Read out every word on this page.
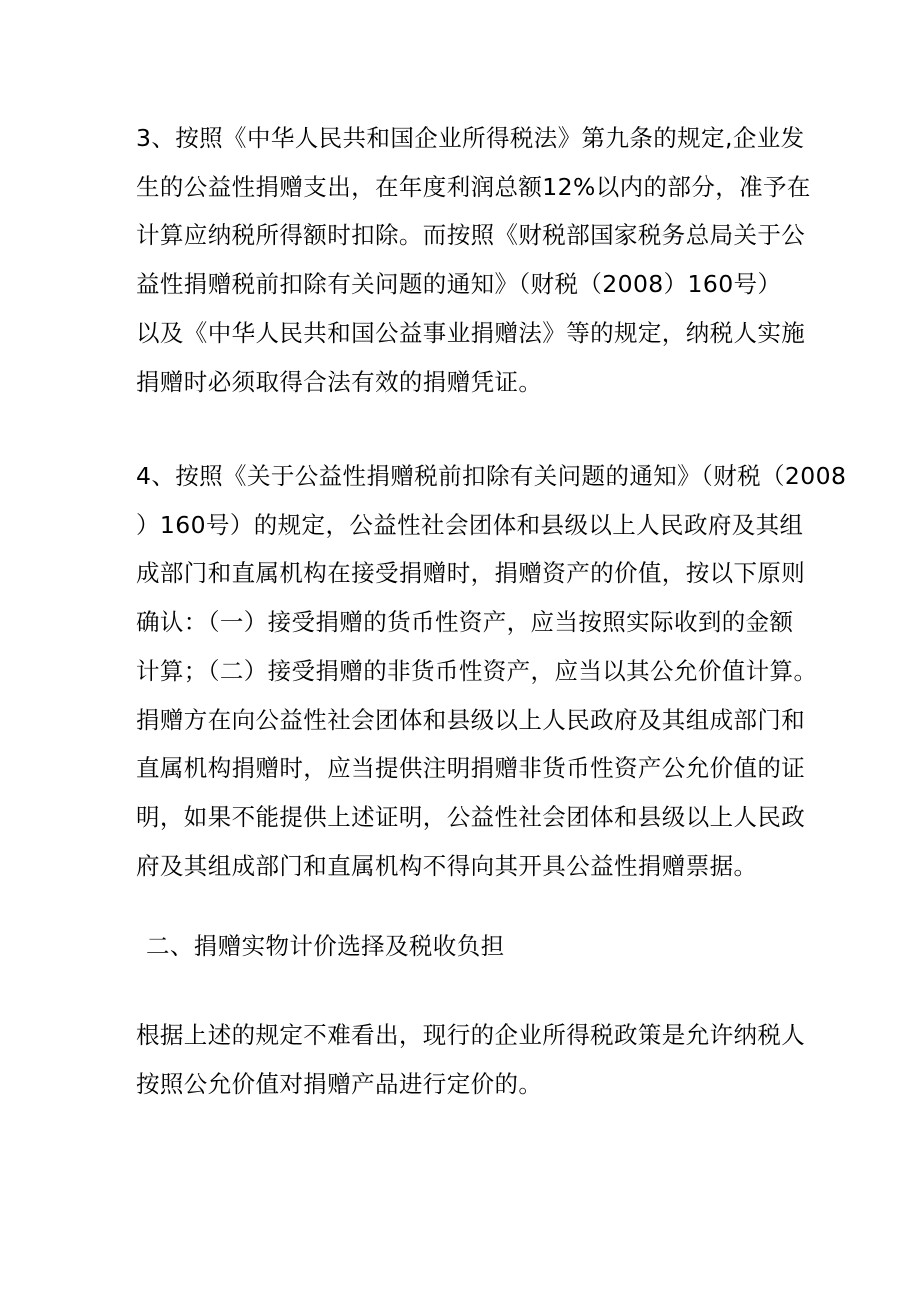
3、按照《中华人民共和国企业所得税法》第九条的规定,企业发
生的公益性捐赠支出，在年度利润总额12%以内的部分，准予在
计算应纳税所得额时扣除。而按照《财税部国家税务总局关于公
益性捐赠税前扣除有关问题的通知》（财税（2008）160号）
以及《中华人民共和国公益事业捐赠法》等的规定，纳税人实施
捐赠时必须取得合法有效的捐赠凭证。
4、按照《关于公益性捐赠税前扣除有关问题的通知》（财税（2008
）160号）的规定，公益性社会团体和县级以上人民政府及其组
成部门和直属机构在接受捐赠时，捐赠资产的价值，按以下原则
确认：（一）接受捐赠的货币性资产，应当按照实际收到的金额
计算；（二）接受捐赠的非货币性资产，应当以其公允价值计算。
捐赠方在向公益性社会团体和县级以上人民政府及其组成部门和
直属机构捐赠时，应当提供注明捐赠非货币性资产公允价值的证
明，如果不能提供上述证明，公益性社会团体和县级以上人民政
府及其组成部门和直属机构不得向其开具公益性捐赠票据。
二、捐赠实物计价选择及税收负担
根据上述的规定不难看出，现行的企业所得税政策是允许纳税人
按照公允价值对捐赠产品进行定价的。
